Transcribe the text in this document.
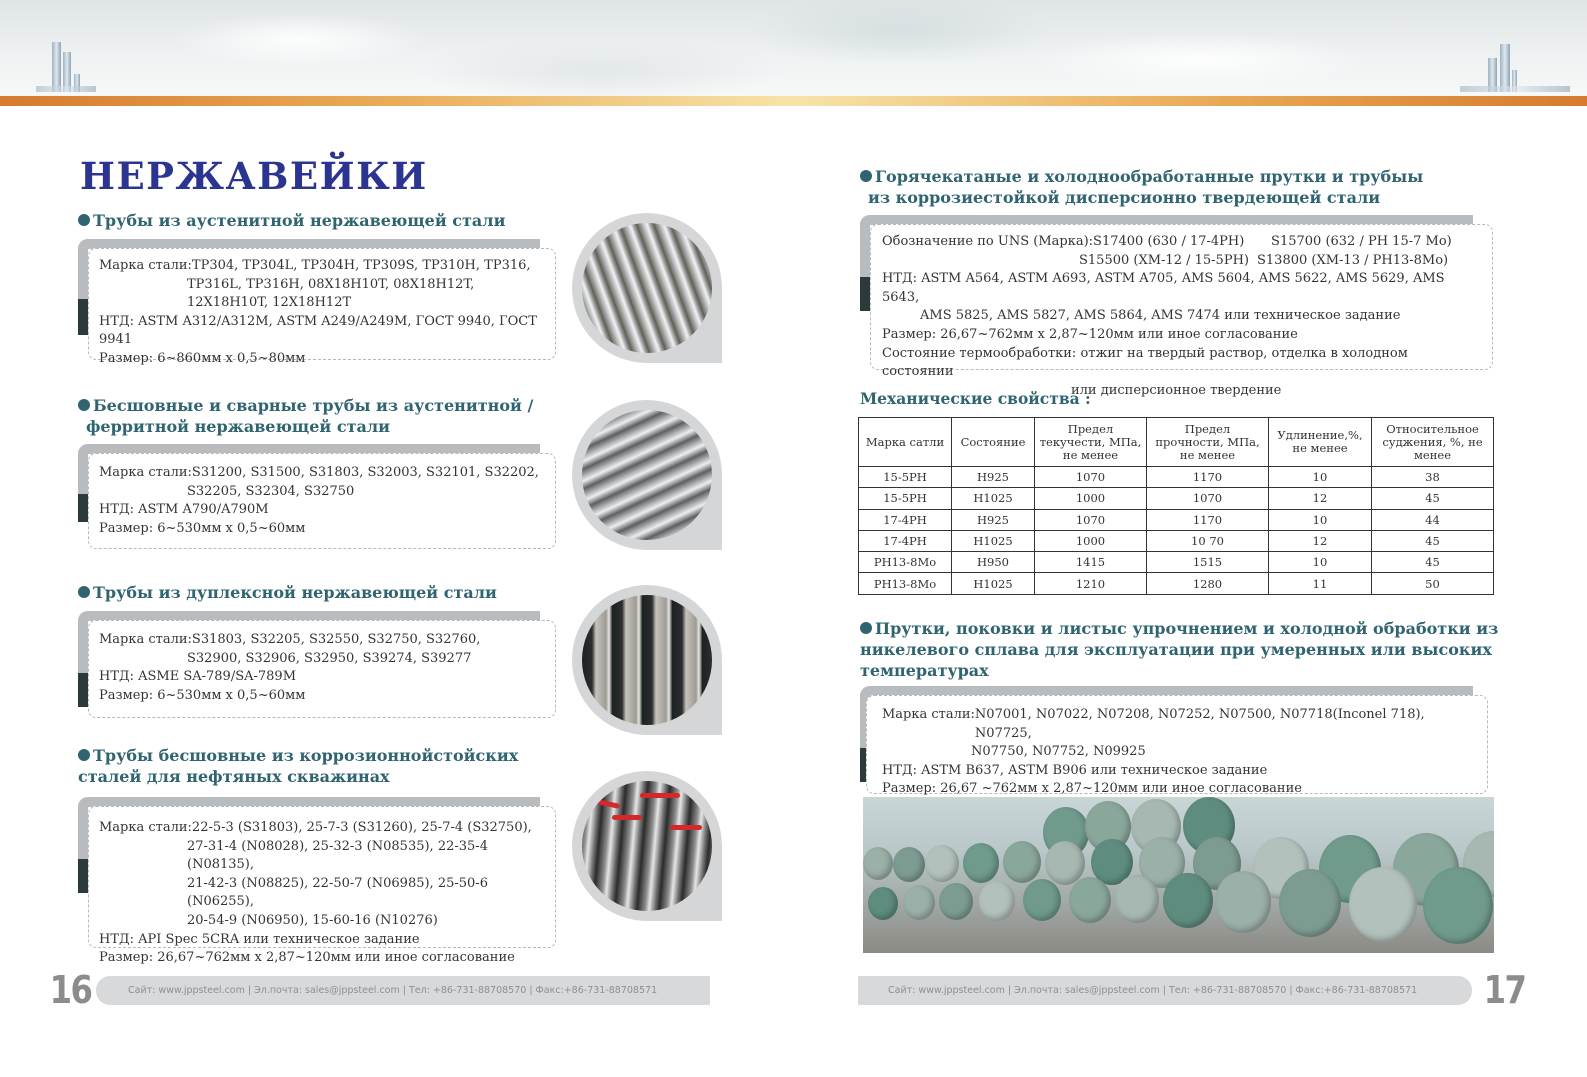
НЕРЖАВЕЙКИ
Трубы из аустенитной нержавеющей стали
Марка стали: TP304, TP304L, TP304H, TP309S, TP310H, TP316,
TP316L, TP316H, 08X18H10T, 08X18H12T,
12X18H10T, 12X18H12T
НТД: ASTM A312/A312M, ASTM A249/A249M, ГОСТ 9940, ГОСТ 9941
Размер: 6~860мм x 0,5~80мм
Бесшовные и сварные трубы из аустенитной /
ферритной нержавеющей стали
Марка стали: S31200, S31500, S31803, S32003, S32101, S32202,
S32205, S32304, S32750
НТД: ASTM A790/A790M
Размер: 6~530мм x 0,5~60мм
Трубы из дуплексной нержавеющей стали
Марка стали: S31803, S32205, S32550, S32750, S32760,
S32900, S32906, S32950, S39274, S39277
НТД: ASME SA-789/SA-789M
Размер: 6~530мм x 0,5~60мм
Трубы бесшовные из коррозионнойстойских
сталей для нефтяных скважинах
Марка стали: 22-5-3 (S31803), 25-7-3 (S31260), 25-7-4 (S32750),
27-31-4 (N08028), 25-32-3 (N08535), 22-35-4 (N08135),
21-42-3 (N08825), 22-50-7 (N06985), 25-50-6 (N06255),
20-54-9 (N06950), 15-60-16 (N10276)
НТД: API Spec 5CRA или техническое задание
Размер: 26,67~762мм x 2,87~120мм или иное согласование
16	Сайт: www.jppsteel.com | Эл.почта: sales@jppsteel.com | Тел: +86-731-88708570 | Факс:+86-731-88708571
Горячекатаные и холоднообработанные прутки и трубыы
из коррозиестойкой дисперсионно твердеющей стали
Обозначение по UNS (Марка): S17400 (630 / 17-4PH)	S15700 (632 / PH 15-7 Mo)
S15500 (XM-12 / 15-5PH) S13800 (XM-13 / PH13-8Mo)
НТД: ASTM A564, ASTM A693, ASTM A705, AMS 5604, AMS 5622, AMS 5629, AMS 5643,
AMS 5825, AMS 5827, AMS 5864, AMS 7474 или техническое задание
Размер: 26,67~762мм x 2,87~120мм или иное согласование
Состояние термообработки: отжиг на твердый раствор, отделка в холодном состоянии
или дисперсионное твердение
Механические свойства :
Марка сатли	Состояние	Предел текучести, МПа, не менее	Предел прочности, МПа, не менее	Удлинение,%, не менее	Относительное суджения, %, не менее
15-5PH	H925	1070	1170	10	38
15-5PH	H1025	1000	1070	12	45
17-4PH	H925	1070	1170	10	44
17-4PH	H1025	1000	10 70	12	45
PH13-8Mo	H950	1415	1515	10	45
PH13-8Mo	H1025	1210	1280	11	50
Прутки, поковки и листыс упрочнением и холодной обработки из
никелевого сплава для эксплуатации при умеренных или высоких
температурах
Марка стали: N07001, N07022, N07208, N07252, N07500, N07718(Inconel 718), N07725,
N07750, N07752, N09925
НТД: ASTM B637, ASTM B906 или техническое задание
Размер: 26,67 ~762мм x 2,87~120мм или иное согласование
Сайт: www.jppsteel.com | Эл.почта: sales@jppsteel.com | Тел: +86-731-88708570 | Факс:+86-731-88708571	17
